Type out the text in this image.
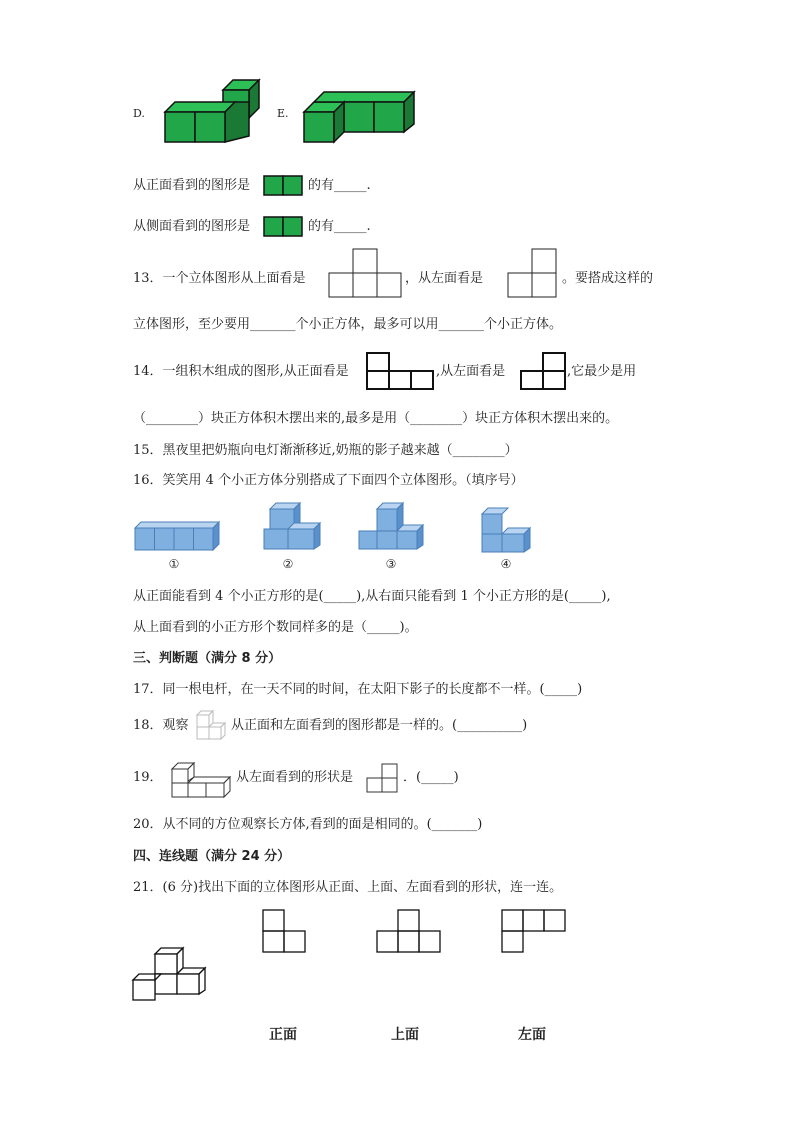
D.	E.
从正面看到的图形是	的有_____.
从侧面看到的图形是	的有_____.
13．一个立体图形从上面看是	，从左面看是	。要搭成这样的
立体图形，至少要用_______个小正方体，最多可以用_______个小正方体。
14．一组积木组成的图形,从正面看是	,从左面看是	,它最少是用
（________）块正方体积木摆出来的,最多是用（________）块正方体积木摆出来的。
15．黑夜里把奶瓶向电灯渐渐移近,奶瓶的影子越来越（________）
16．笑笑用 4 个小正方体分别搭成了下面四个立体图形。（填序号）
①	②	③	④
从正面能看到 4 个小正方形的是(_____),从右面只能看到 1 个小正方形的是(_____),
从上面看到的小正方形个数同样多的是（_____)。
三、判断题（满分 8 分）
17．同一根电杆，在一天不同的时间，在太阳下影子的长度都不一样。(_____)
18．观察	从正面和左面看到的图形都是一样的。(__________)
19．	从左面看到的形状是	．(_____)
20．从不同的方位观察长方体,看到的面是相同的。(_______)
四、连线题（满分 24 分）
21．(6 分)找出下面的立体图形从正面、上面、左面看到的形状，连一连。
正面	上面	左面
